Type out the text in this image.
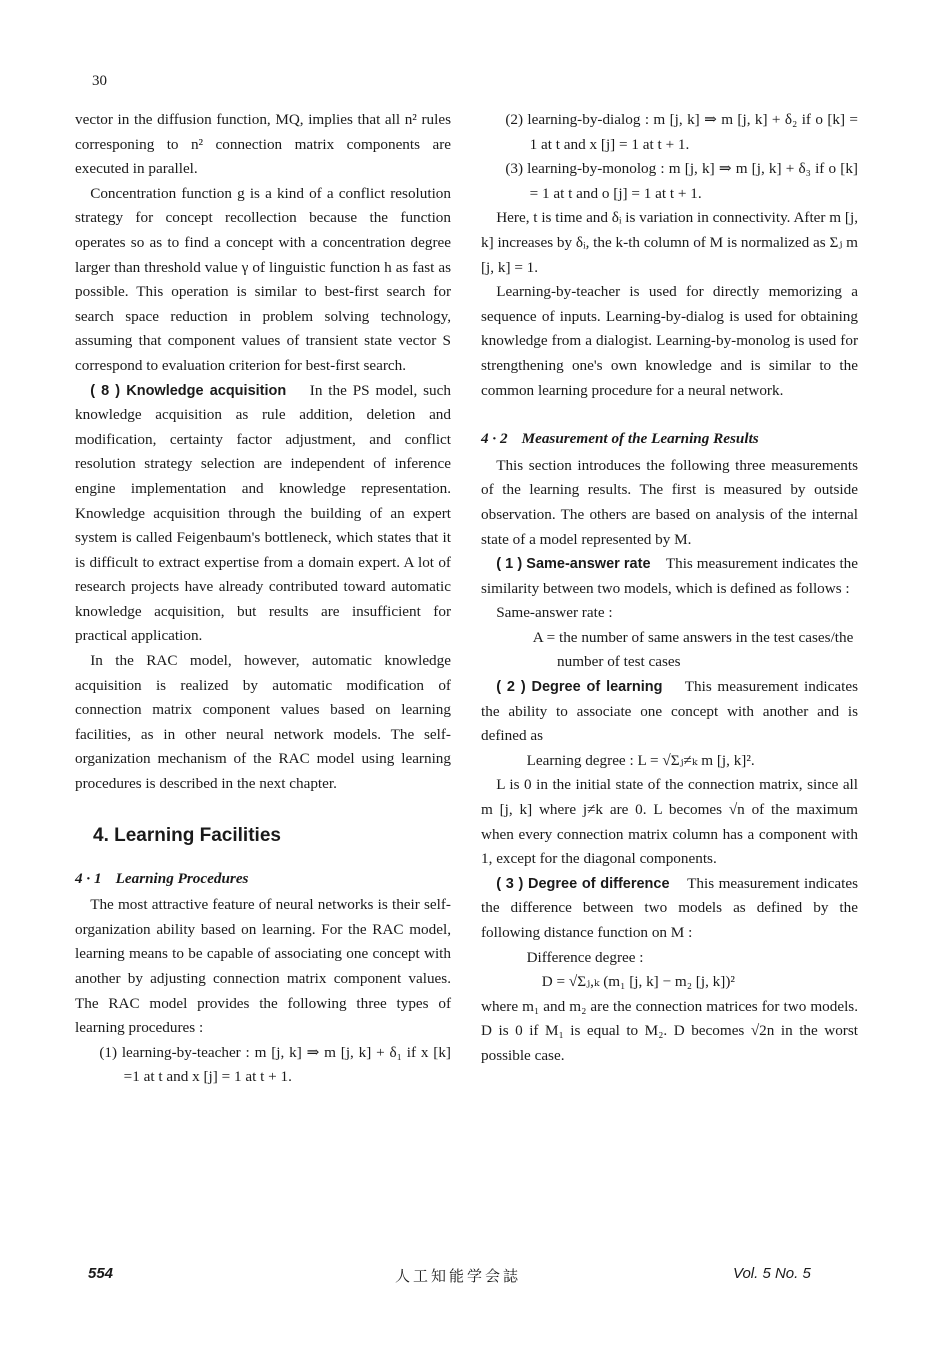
30

vector in the diffusion function, MQ, implies that all n² rules corresponing to n² connection matrix components are executed in parallel.

Concentration function g is a kind of a conflict resolution strategy for concept recollection because the function operates so as to find a concept with a concentration degree larger than threshold value γ of linguistic function h as fast as possible. This operation is similar to best-first search for search space reduction in problem solving technology, assuming that component values of transient state vector S correspond to evaluation criterion for best-first search.

( 8 ) Knowledge acquisition In the PS model, such knowledge acquisition as rule addition, deletion and modification, certainty factor adjustment, and conflict resolution strategy selection are independent of inference engine implementation and knowledge representation. Knowledge acquisition through the building of an expert system is called Feigenbaum's bottleneck, which states that it is difficult to extract expertise from a domain expert. A lot of research projects have already contributed toward automatic knowledge acquisition, but results are insufficient for practical application.

In the RAC model, however, automatic knowledge acquisition is realized by automatic modification of connection matrix component values based on learning facilities, as in other neural network models. The self-organization mechanism of the RAC model using learning procedures is described in the next chapter.

4. Learning Facilities
4 · 1 Learning Procedures

The most attractive feature of neural networks is their self-organization ability based on learning. For the RAC model, learning means to be capable of associating one concept with another by adjusting connection matrix component values. The RAC model provides the following three types of learning procedures :

(1) learning-by-teacher : m [j, k] ⇒ m [j, k] + δ₁ if x [k] =1 at t and x [j] = 1 at t + 1.

(2) learning-by-dialog : m [j, k] ⇒ m [j, k] + δ₂ if o [k] = 1 at t and x [j] = 1 at t + 1.

(3) learning-by-monolog : m [j, k] ⇒ m [j, k] + δ₃ if o [k] = 1 at t and o [j] = 1 at t + 1.

Here, t is time and δᵢ is variation in connectivity. After m [j, k] increases by δᵢ, the k-th column of M is normalized as Σⱼ m [j, k] = 1.

Learning-by-teacher is used for directly memorizing a sequence of inputs. Learning-by-dialog is used for obtaining knowledge from a dialogist. Learning-by-monolog is used for strengthening one's own knowledge and is similar to the common learning procedure for a neural network.

4 · 2 Measurement of the Learning Results

This section introduces the following three measurements of the learning results. The first is measured by outside observation. The others are based on analysis of the internal state of a model represented by M.

( 1 ) Same-answer rate This measurement indicates the similarity between two models, which is defined as follows :

Same-answer rate :

A = the number of same answers in the test cases/the number of test cases

( 2 ) Degree of learning This measurement indicates the ability to associate one concept with another and is defined as

Learning degree : L = √Σⱼ≠ₖ m [j, k]².

L is 0 in the initial state of the connection matrix, since all m [j, k] where j≠k are 0. L becomes √n of the maximum when every connection matrix column has a component with 1, except for the diagonal components.

( 3 ) Degree of difference This measurement indicates the difference between two models as defined by the following distance function on M :

Difference degree :

D = √Σⱼ,ₖ (m₁ [j, k] − m₂ [j, k])²

where m₁ and m₂ are the connection matrices for two models. D is 0 if M₁ is equal to M₂. D becomes √2n in the worst possible case.

554	人工知能学会誌	Vol. 5 No. 5
